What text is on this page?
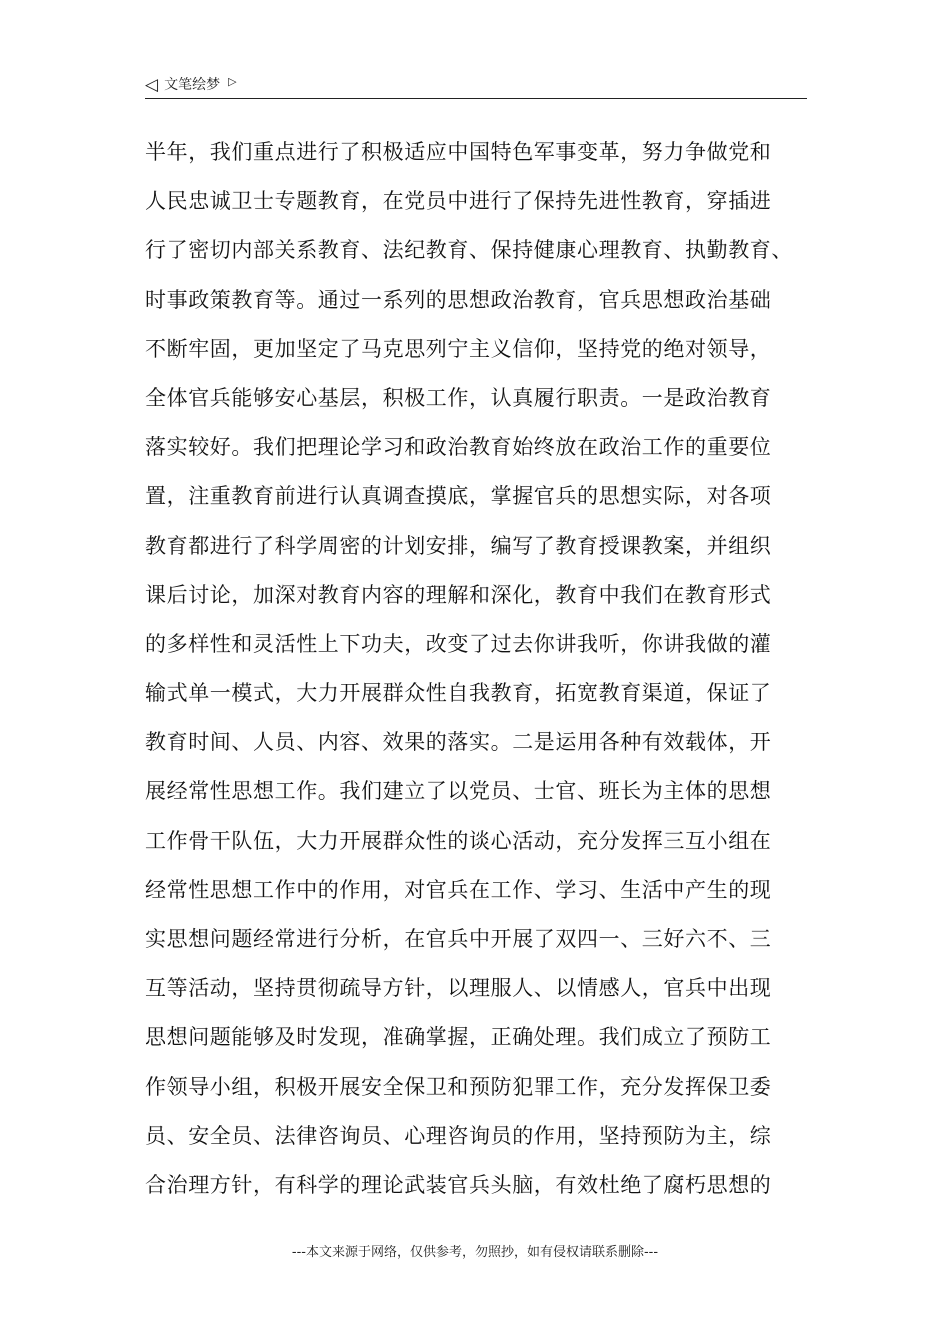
◁ 文笔绘梦 ▷
半年，我们重点进行了积极适应中国特色军事变革，努力争做党和
人民忠诚卫士专题教育，在党员中进行了保持先进性教育，穿插进
行了密切内部关系教育、法纪教育、保持健康心理教育、执勤教育、
时事政策教育等。通过一系列的思想政治教育，官兵思想政治基础
不断牢固，更加坚定了马克思列宁主义信仰，坚持党的绝对领导，
全体官兵能够安心基层，积极工作，认真履行职责。一是政治教育
落实较好。我们把理论学习和政治教育始终放在政治工作的重要位
置，注重教育前进行认真调查摸底，掌握官兵的思想实际，对各项
教育都进行了科学周密的计划安排，编写了教育授课教案，并组织
课后讨论，加深对教育内容的理解和深化，教育中我们在教育形式
的多样性和灵活性上下功夫，改变了过去你讲我听，你讲我做的灌
输式单一模式，大力开展群众性自我教育，拓宽教育渠道，保证了
教育时间、人员、内容、效果的落实。二是运用各种有效载体，开
展经常性思想工作。我们建立了以党员、士官、班长为主体的思想
工作骨干队伍，大力开展群众性的谈心活动，充分发挥三互小组在
经常性思想工作中的作用，对官兵在工作、学习、生活中产生的现
实思想问题经常进行分析，在官兵中开展了双四一、三好六不、三
互等活动，坚持贯彻疏导方针，以理服人、以情感人，官兵中出现
思想问题能够及时发现，准确掌握，正确处理。我们成立了预防工
作领导小组，积极开展安全保卫和预防犯罪工作，充分发挥保卫委
员、安全员、法律咨询员、心理咨询员的作用，坚持预防为主，综
合治理方针，有科学的理论武装官兵头脑，有效杜绝了腐朽思想的
---本文来源于网络，仅供参考，勿照抄，如有侵权请联系删除---
